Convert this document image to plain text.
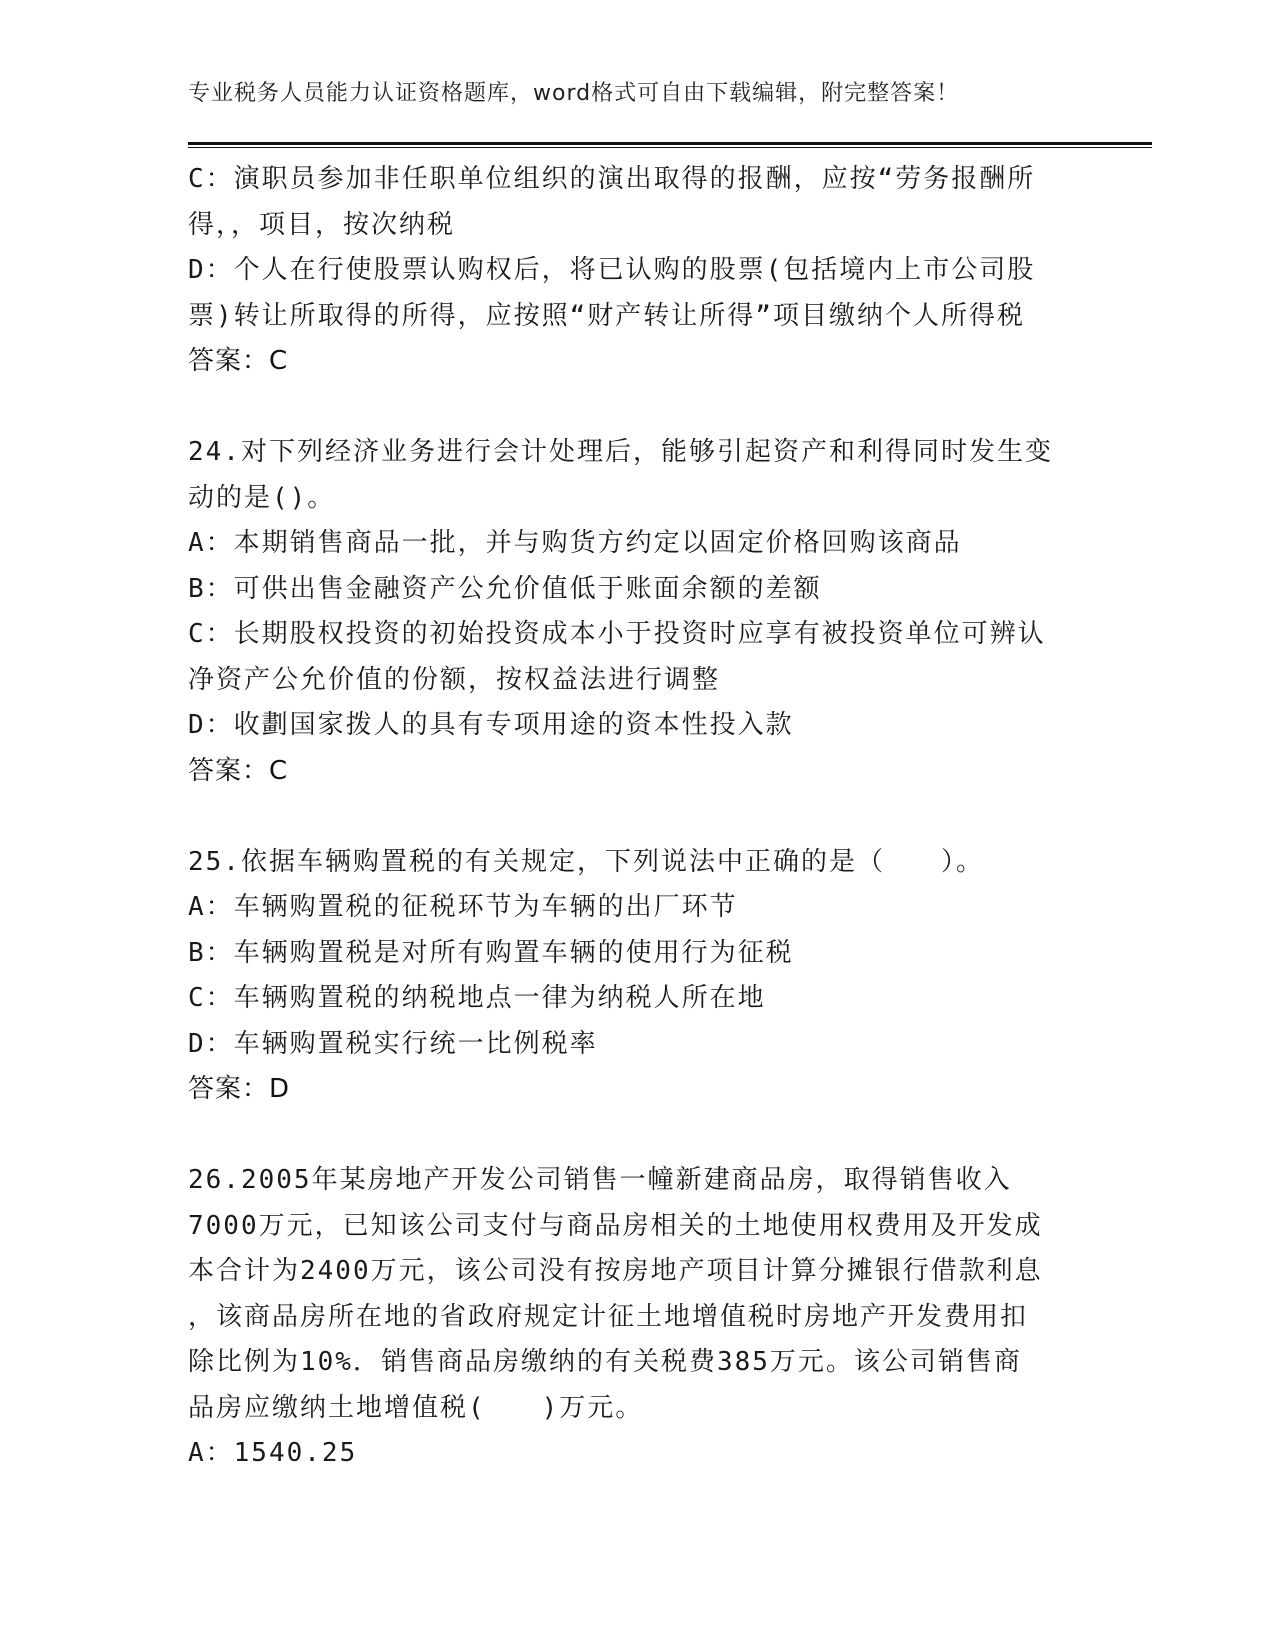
专业税务人员能力认证资格题库，word格式可自由下载编辑，附完整答案！
C：演职员参加非任职单位组织的演出取得的报酬，应按“劳务报酬所
得，，项目，按次纳税
D：个人在行使股票认购权后，将已认购的股票(包括境内上市公司股
票)转让所取得的所得，应按照“财产转让所得”项目缴纳个人所得税
答案：C
24.对下列经济业务进行会计处理后，能够引起资产和利得同时发生变
动的是()。
A：本期销售商品一批，并与购货方约定以固定价格回购该商品
B：可供出售金融资产公允价值低于账面余额的差额
C：长期股权投资的初始投资成本小于投资时应享有被投资单位可辨认
净资产公允价值的份额，按权益法进行调整
D：收劃国家拨人的具有专项用途的资本性投入款
答案：C
25.依据车辆购置税的有关规定，下列说法中正确的是（　　）。
A：车辆购置税的征税环节为车辆的出厂环节
B：车辆购置税是对所有购置车辆的使用行为征税
C：车辆购置税的纳税地点一律为纳税人所在地
D：车辆购置税实行统一比例税率
答案：D
26.2005年某房地产开发公司销售一幢新建商品房，取得销售收入
7000万元，已知该公司支付与商品房相关的土地使用权费用及开发成
本合计为2400万元，该公司没有按房地产项目计算分摊银行借款利息
，该商品房所在地的省政府规定计征土地增值税时房地产开发费用扣
除比例为10%．销售商品房缴纳的有关税费385万元。该公司销售商
品房应缴纳土地增值税(　　)万元。
A：1540.25
